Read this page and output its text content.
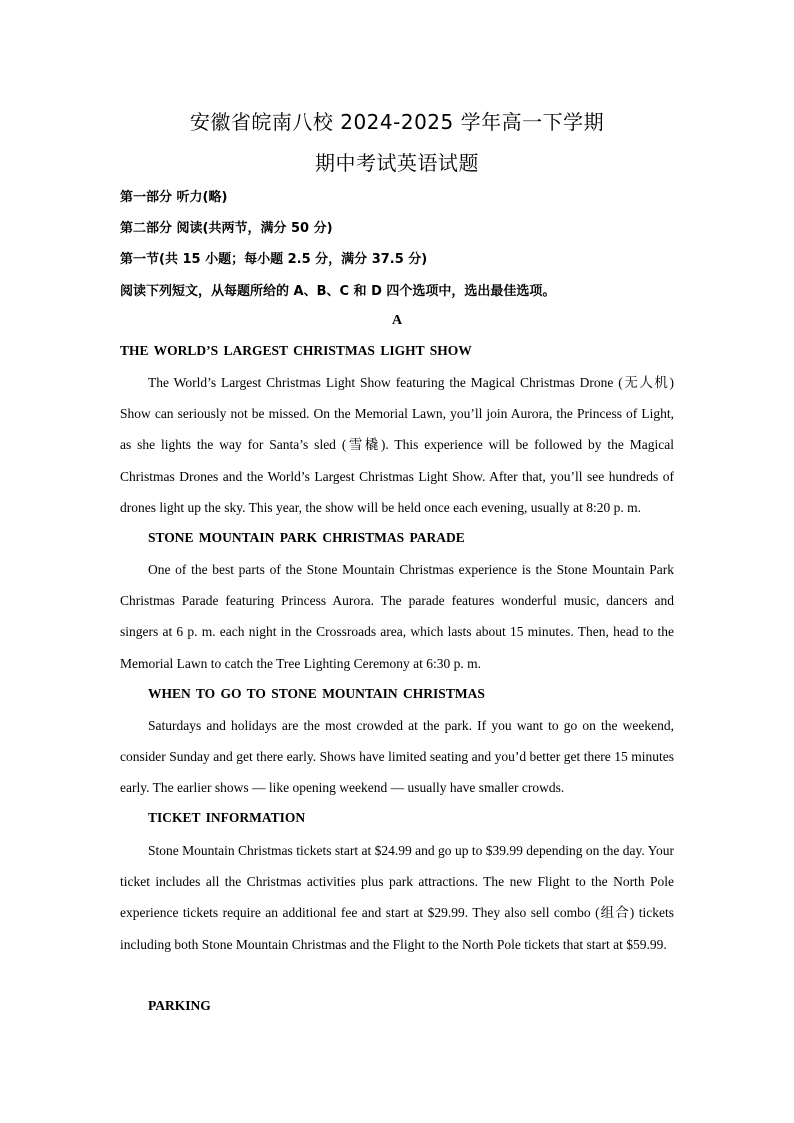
安徽省皖南八校 2024-2025 学年高一下学期
期中考试英语试题
第一部分 听力(略)
第二部分 阅读(共两节，满分 50 分)
第一节(共 15 小题；每小题 2.5 分，满分 37.5 分)
阅读下列短文，从每题所给的 A、B、C 和 D 四个选项中，选出最佳选项。
A
THE WORLD’S LARGEST CHRISTMAS LIGHT SHOW
The World’s Largest Christmas Light Show featuring the Magical Christmas Drone (无人机) Show can seriously not be missed. On the Memorial Lawn, you’ll join Aurora, the Princess of Light, as she lights the way for Santa’s sled (雪橇). This experience will be followed by the Magical Christmas Drones and the World’s Largest Christmas Light Show. After that, you’ll see hundreds of drones light up the sky. This year, the show will be held once each evening, usually at 8:20 p. m.
STONE MOUNTAIN PARK CHRISTMAS PARADE
One of the best parts of the Stone Mountain Christmas experience is the Stone Mountain Park Christmas Parade featuring Princess Aurora. The parade features wonderful music, dancers and singers at 6 p. m. each night in the Crossroads area, which lasts about 15 minutes. Then, head to the Memorial Lawn to catch the Tree Lighting Ceremony at 6:30 p. m.
WHEN TO GO TO STONE MOUNTAIN CHRISTMAS
Saturdays and holidays are the most crowded at the park. If you want to go on the weekend, consider Sunday and get there early. Shows have limited seating and you’d better get there 15 minutes early. The earlier shows — like opening weekend — usually have smaller crowds.
TICKET INFORMATION
Stone Mountain Christmas tickets start at $24.99 and go up to $39.99 depending on the day. Your ticket includes all the Christmas activities plus park attractions. The new Flight to the North Pole experience tickets require an additional fee and start at $29.99. They also sell combo (组合) tickets including both Stone Mountain Christmas and the Flight to the North Pole tickets that start at $59.99.
PARKING
